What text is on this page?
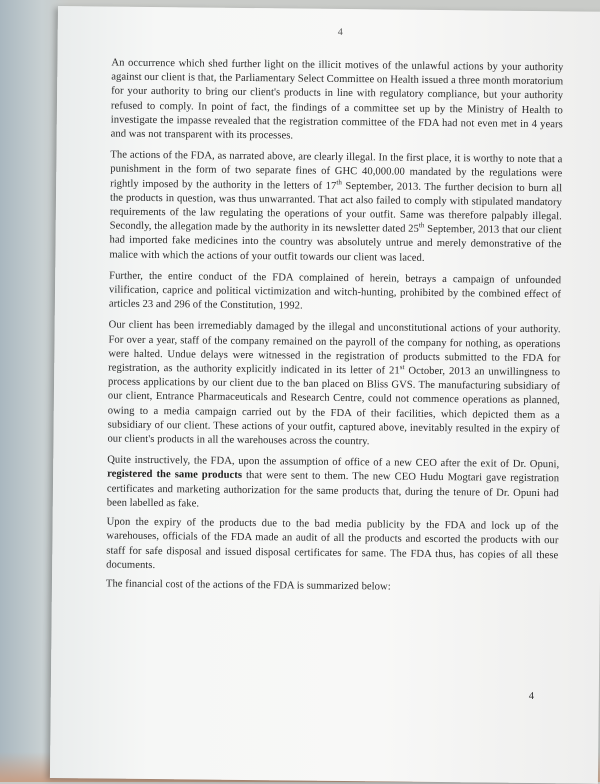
4

An occurrence which shed further light on the illicit motives of the unlawful actions by your authority against our client is that, the Parliamentary Select Committee on Health issued a three month moratorium for your authority to bring our client's products in line with regulatory compliance, but your authority refused to comply. In point of fact, the findings of a committee set up by the Ministry of Health to investigate the impasse revealed that the registration committee of the FDA had not even met in 4 years and was not transparent with its processes.

The actions of the FDA, as narrated above, are clearly illegal. In the first place, it is worthy to note that a punishment in the form of two separate fines of GHC 40,000.00 mandated by the regulations were rightly imposed by the authority in the letters of 17th September, 2013. The further decision to burn all the products in question, was thus unwarranted. That act also failed to comply with stipulated mandatory requirements of the law regulating the operations of your outfit. Same was therefore palpably illegal. Secondly, the allegation made by the authority in its newsletter dated 25th September, 2013 that our client had imported fake medicines into the country was absolutely untrue and merely demonstrative of the malice with which the actions of your outfit towards our client was laced.

Further, the entire conduct of the FDA complained of herein, betrays a campaign of unfounded vilification, caprice and political victimization and witch-hunting, prohibited by the combined effect of articles 23 and 296 of the Constitution, 1992.

Our client has been irremediably damaged by the illegal and unconstitutional actions of your authority. For over a year, staff of the company remained on the payroll of the company for nothing, as operations were halted. Undue delays were witnessed in the registration of products submitted to the FDA for registration, as the authority explicitly indicated in its letter of 21st October, 2013 an unwillingness to process applications by our client due to the ban placed on Bliss GVS. The manufacturing subsidiary of our client, Entrance Pharmaceuticals and Research Centre, could not commence operations as planned, owing to a media campaign carried out by the FDA of their facilities, which depicted them as a subsidiary of our client. These actions of your outfit, captured above, inevitably resulted in the expiry of our client's products in all the warehouses across the country.

Quite instructively, the FDA, upon the assumption of office of a new CEO after the exit of Dr. Opuni, registered the same products that were sent to them. The new CEO Hudu Mogtari gave registration certificates and marketing authorization for the same products that, during the tenure of Dr. Opuni had been labelled as fake.

Upon the expiry of the products due to the bad media publicity by the FDA and lock up of the warehouses, officials of the FDA made an audit of all the products and escorted the products with our staff for safe disposal and issued disposal certificates for same. The FDA thus, has copies of all these documents.

The financial cost of the actions of the FDA is summarized below:

4
